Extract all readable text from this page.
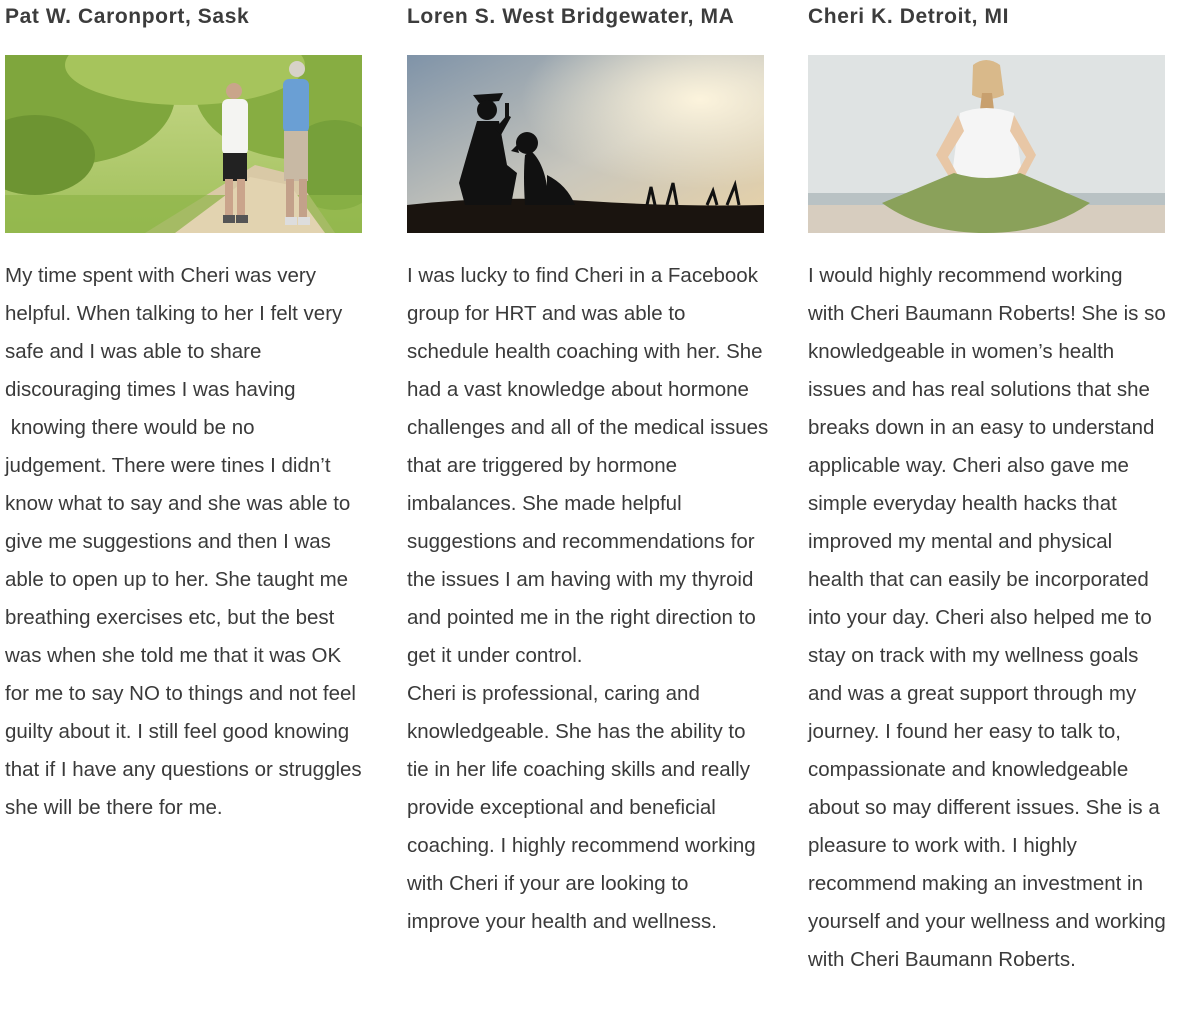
Pat W. Caronport, Sask

My time spent with Cheri was very

helpful. When talking to her I felt very

safe and I was able to share

discouraging times I was having

knowing there would be no

judgement. There were tines I didn’t

know what to say and she was able to

give me suggestions and then I was

able to open up to her. She taught me

breathing exercises etc, but the best

was when she told me that it was OK

for me to say NO to things and not feel

guilty about it. I still feel good knowing

that if I have any questions or struggles

she will be there for me.

Loren S. West Bridgewater, MA

I was lucky to find Cheri in a Facebook

group for HRT and was able to

schedule health coaching with her. She

had a vast knowledge about hormone

challenges and all of the medical issues

that are triggered by hormone

imbalances. She made helpful

suggestions and recommendations for

the issues I am having with my thyroid

and pointed me in the right direction to

get it under control.

Cheri is professional, caring and

knowledgeable. She has the ability to

tie in her life coaching skills and really

provide exceptional and beneficial

coaching. I highly recommend working

with Cheri if your are looking to

improve your health and wellness.

Cheri K. Detroit, MI

I would highly recommend working

with Cheri Baumann Roberts! She is so

knowledgeable in women’s health

issues and has real solutions that she

breaks down in an easy to understand

applicable way. Cheri also gave me

simple everyday health hacks that

improved my mental and physical

health that can easily be incorporated

into your day. Cheri also helped me to

stay on track with my wellness goals

and was a great support through my

journey. I found her easy to talk to,

compassionate and knowledgeable

about so may different issues. She is a

pleasure to work with. I highly

recommend making an investment in

yourself and your wellness and working

with Cheri Baumann Roberts.
